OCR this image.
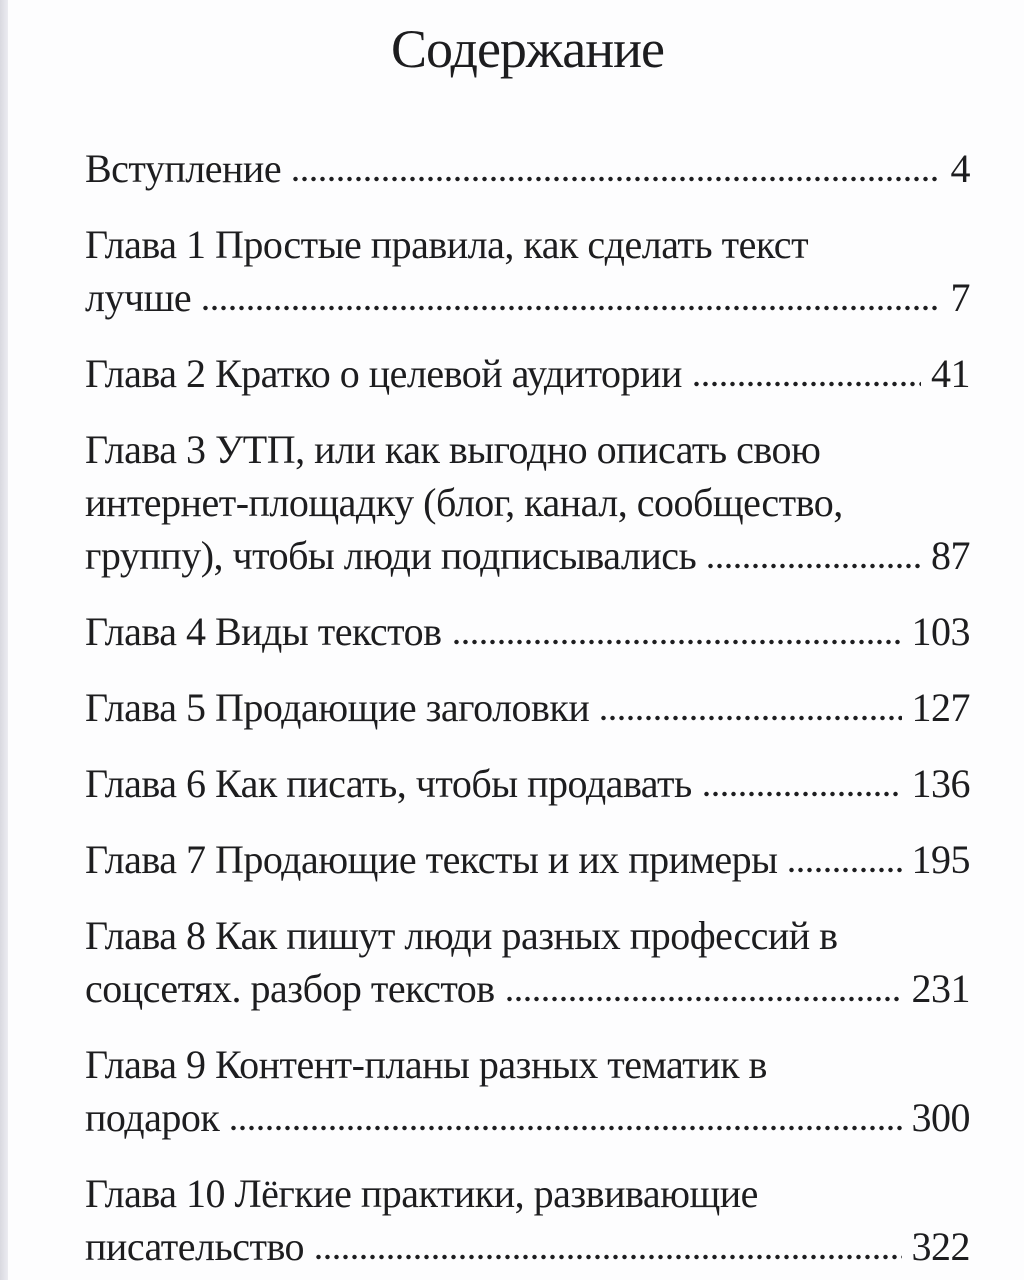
Содержание
Вступление	4
Глава 1 Простые правила, как сделать текст
лучше	7
Глава 2 Кратко о целевой аудитории	41
Глава 3 УТП, или как выгодно описать свою
интернет-площадку (блог, канал, сообщество,
группу), чтобы люди подписывались	87
Глава 4 Виды текстов	103
Глава 5 Продающие заголовки	127
Глава 6 Как писать, чтобы продавать	136
Глава 7 Продающие тексты и их примеры	195
Глава 8 Как пишут люди разных профессий в
соцсетях. разбор текстов	231
Глава 9 Контент-планы разных тематик в
подарок	300
Глава 10 Лёгкие практики, развивающие
писательство	322
